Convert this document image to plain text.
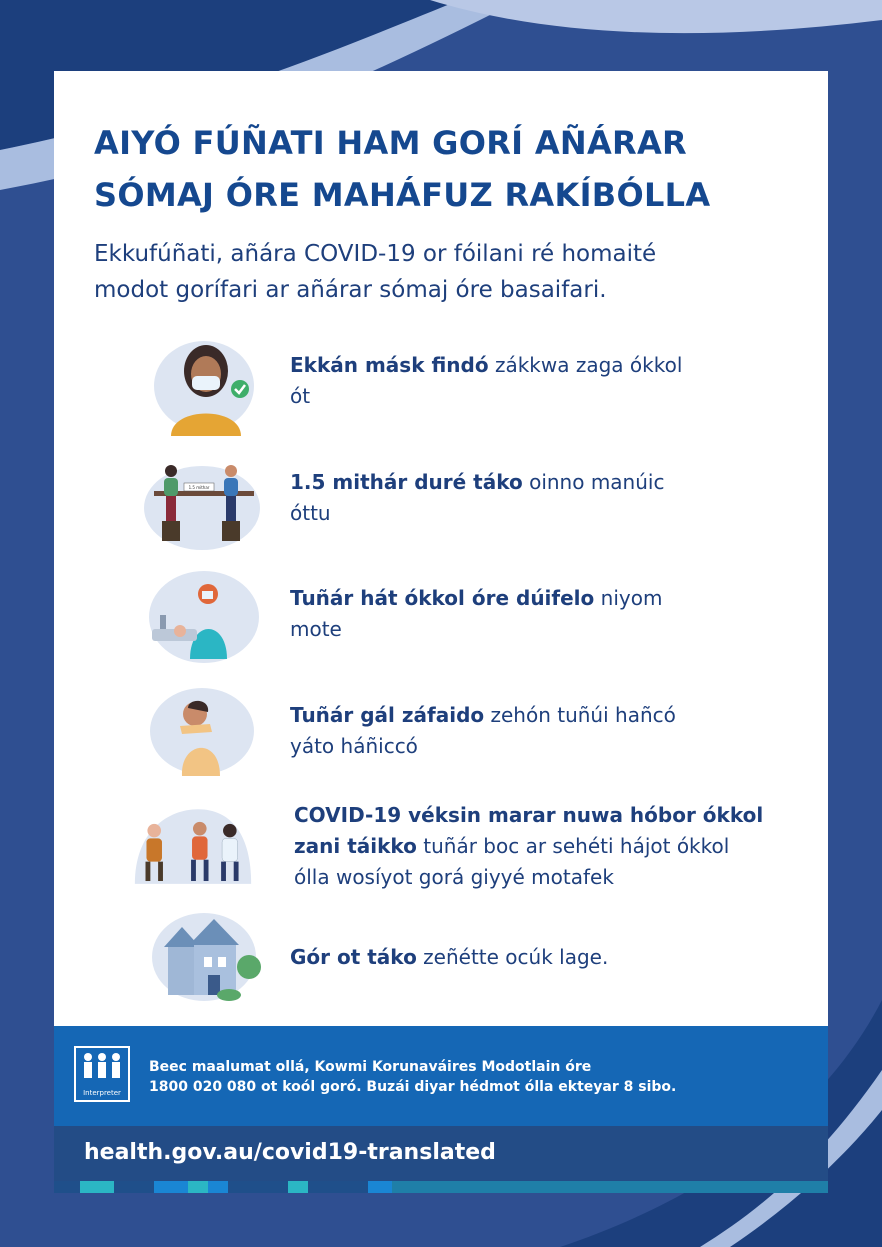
AIYÓ FÚÑATI HAM GORÍ AÑÁRAR
SÓMAJ ÓRE MAHÁFUZ RAKÍBÓLLA

Ekkufúñati, añára COVID-19 or fóilani ré homaité
modot gorífari ar añárar sómaj óre basaifari.

Ekkán másk findó zákkwa zaga ókkol
ót
1.5 mithar	1.5 mithár duré táko oinno manúic
óttu
Tuñár hát ókkol óre dúifelo niyom
mote
Tuñár gál záfaido zehón tuñúi hañcó
yáto háñiccó
COVID-19 véksin marar nuwa hóbor ókkol
zani táikko tuñár boc ar sehéti hájot ókkol
ólla wosíyot gorá giyyé motafek
Gór ot táko zeñétte ocúk lage.
Interpreter
Beec maalumat ollá, Kowmi Korunaváires Modotlain óre
1800 020 080 ot koól goró. Buzái diyar hédmot ólla ekteyar 8 sibo.
health.gov.au/covid19-translated
